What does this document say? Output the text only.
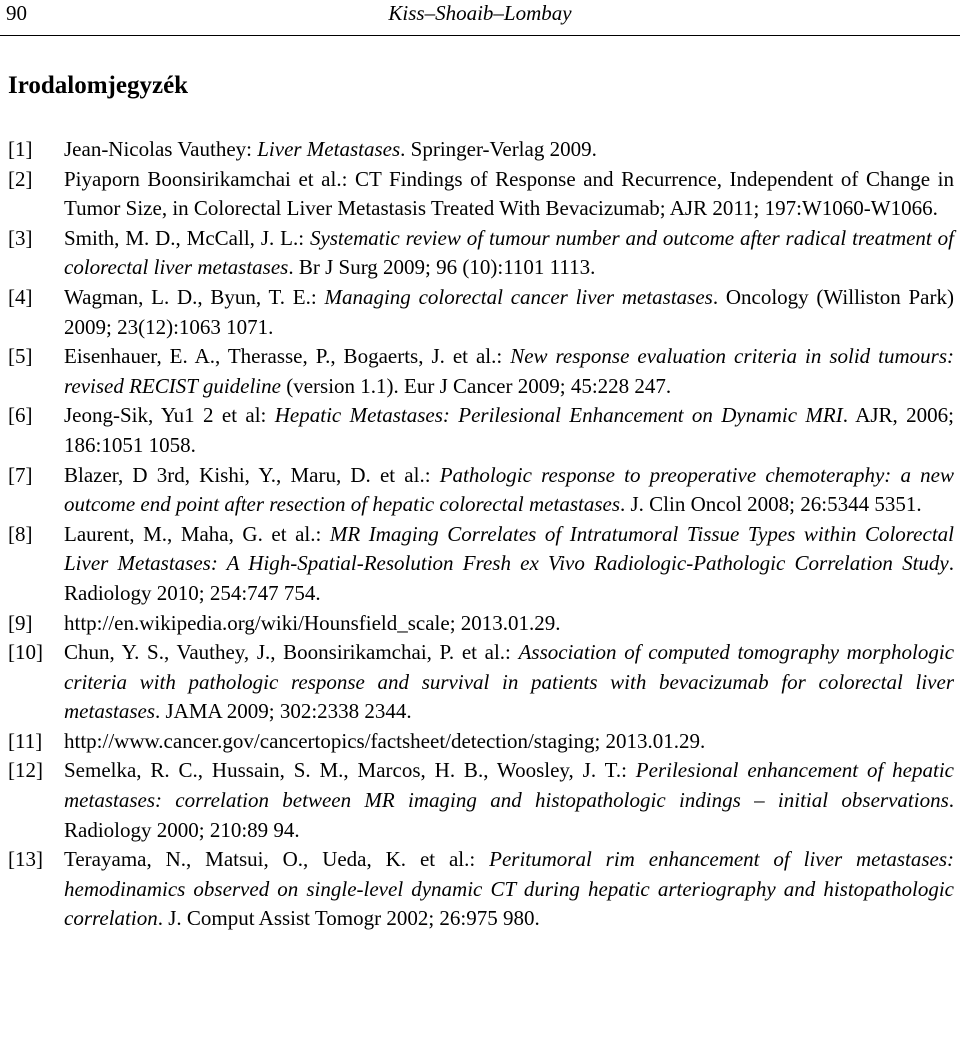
90	Kiss–Shoaib–Lombay
Irodalomjegyzék
[1]	Jean-Nicolas Vauthey: Liver Metastases. Springer-Verlag 2009.
[2]	Piyaporn Boonsirikamchai et al.: CT Findings of Response and Recurrence, Independent of Change in Tumor Size, in Colorectal Liver Metastasis Treated With Bevacizumab; AJR 2011; 197:W1060-W1066.
[3]	Smith, M. D., McCall, J. L.: Systematic review of tumour number and outcome after radical treatment of colorectal liver metastases. Br J Surg 2009; 96 (10):1101 1113.
[4]	Wagman, L. D., Byun, T. E.: Managing colorectal cancer liver metastases. Oncology (Williston Park) 2009; 23(12):1063 1071.
[5]	Eisenhauer, E. A., Therasse, P., Bogaerts, J. et al.: New response evaluation criteria in solid tumours: revised RECIST guideline (version 1.1). Eur J Cancer 2009; 45:228 247.
[6]	Jeong-Sik, Yu1 2 et al: Hepatic Metastases: Perilesional Enhancement on Dynamic MRI. AJR, 2006; 186:1051 1058.
[7]	Blazer, D 3rd, Kishi, Y., Maru, D. et al.: Pathologic response to preoperative chemoteraphy: a new outcome end point after resection of hepatic colorectal metastases. J. Clin Oncol 2008; 26:5344 5351.
[8]	Laurent, M., Maha, G. et al.: MR Imaging Correlates of Intratumoral Tissue Types within Colorectal Liver Metastases: A High-Spatial-Resolution Fresh ex Vivo Radiologic-Pathologic Correlation Study. Radiology 2010; 254:747 754.
[9]	http://en.wikipedia.org/wiki/Hounsfield_scale; 2013.01.29.
[10]	Chun, Y. S., Vauthey, J., Boonsirikamchai, P. et al.: Association of computed tomography morphologic criteria with pathologic response and survival in patients with bevacizumab for colorectal liver metastases. JAMA 2009; 302:2338 2344.
[11]	http://www.cancer.gov/cancertopics/factsheet/detection/staging; 2013.01.29.
[12]	Semelka, R. C., Hussain, S. M., Marcos, H. B., Woosley, J. T.: Perilesional enhancement of hepatic metastases: correlation between MR imaging and histopathologic indings – initial observations. Radiology 2000; 210:89 94.
[13]	Terayama, N., Matsui, O., Ueda, K. et al.: Peritumoral rim enhancement of liver metastases: hemodinamics observed on single-level dynamic CT during hepatic arteriography and histopathologic correlation. J. Comput Assist Tomogr 2002; 26:975 980.
